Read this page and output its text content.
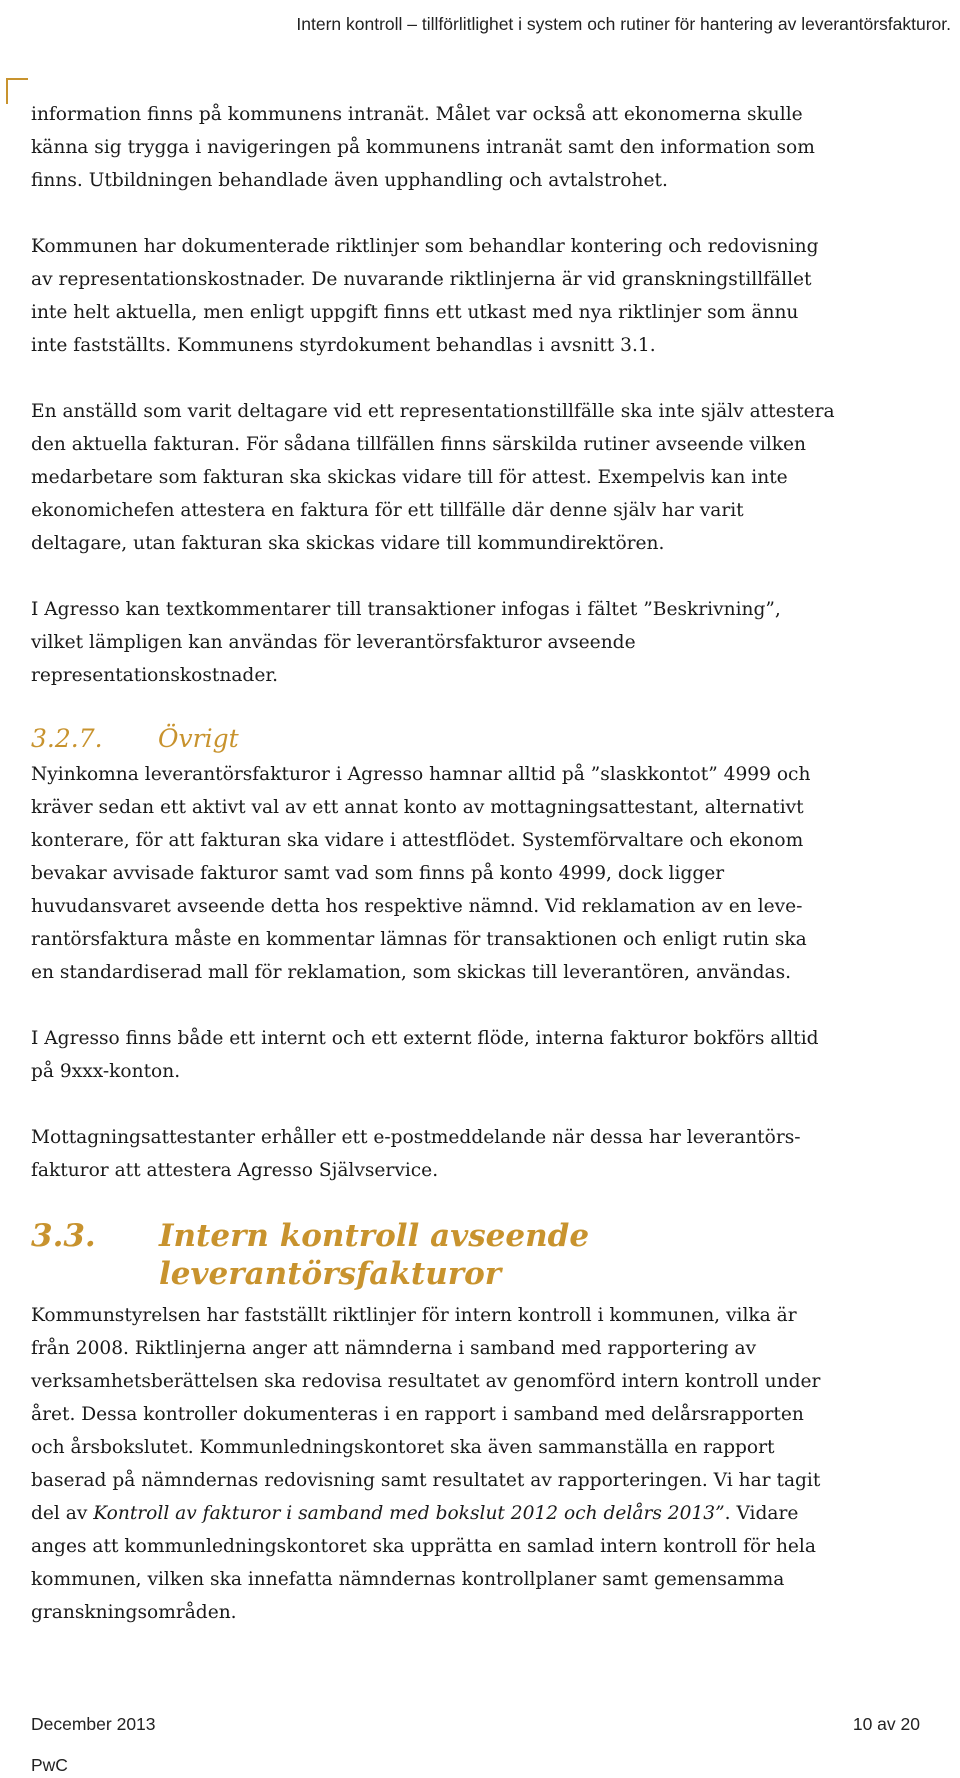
Intern kontroll – tillförlitlighet i system och rutiner för hantering av leverantörsfakturor.

information finns på kommunens intranät. Målet var också att ekonomerna skulle
känna sig trygga i navigeringen på kommunens intranät samt den information som
finns. Utbildningen behandlade även upphandling och avtalstrohet.

Kommunen har dokumenterade riktlinjer som behandlar kontering och redovisning
av representationskostnader. De nuvarande riktlinjerna är vid granskningstillfället
inte helt aktuella, men enligt uppgift finns ett utkast med nya riktlinjer som ännu
inte fastställts. Kommunens styrdokument behandlas i avsnitt 3.1.

En anställd som varit deltagare vid ett representationstillfälle ska inte själv attestera
den aktuella fakturan. För sådana tillfällen finns särskilda rutiner avseende vilken
medarbetare som fakturan ska skickas vidare till för attest. Exempelvis kan inte
ekonomichefen attestera en faktura för ett tillfälle där denne själv har varit
deltagare, utan fakturan ska skickas vidare till kommundirektören.

I Agresso kan textkommentarer till transaktioner infogas i fältet ”Beskrivning”,
vilket lämpligen kan användas för leverantörsfakturor avseende
representationskostnader.

3.2.7. Övrigt

Nyinkomna leverantörsfakturor i Agresso hamnar alltid på ”slaskkontot” 4999 och
kräver sedan ett aktivt val av ett annat konto av mottagningsattestant, alternativt
konterare, för att fakturan ska vidare i attestflödet. Systemförvaltare och ekonom
bevakar avvisade fakturor samt vad som finns på konto 4999, dock ligger
huvudansvaret avseende detta hos respektive nämnd. Vid reklamation av en leve-
rantörsfaktura måste en kommentar lämnas för transaktionen och enligt rutin ska
en standardiserad mall för reklamation, som skickas till leverantören, användas.

I Agresso finns både ett internt och ett externt flöde, interna fakturor bokförs alltid
på 9xxx-konton.

Mottagningsattestanter erhåller ett e-postmeddelande när dessa har leverantörs-
fakturor att attestera Agresso Självservice.

3.3.	Intern kontroll avseende
leverantörsfakturor

Kommunstyrelsen har fastställt riktlinjer för intern kontroll i kommunen, vilka är
från 2008. Riktlinjerna anger att nämnderna i samband med rapportering av
verksamhetsberättelsen ska redovisa resultatet av genomförd intern kontroll under
året. Dessa kontroller dokumenteras i en rapport i samband med delårsrapporten
och årsbokslutet. Kommunledningskontoret ska även sammanställa en rapport
baserad på nämndernas redovisning samt resultatet av rapporteringen. Vi har tagit
del av Kontroll av fakturor i samband med bokslut 2012 och delårs 2013”. Vidare
anges att kommunledningskontoret ska upprätta en samlad intern kontroll för hela
kommunen, vilken ska innefatta nämndernas kontrollplaner samt gemensamma
granskningsområden.

December 2013	10 av 20
PwC
